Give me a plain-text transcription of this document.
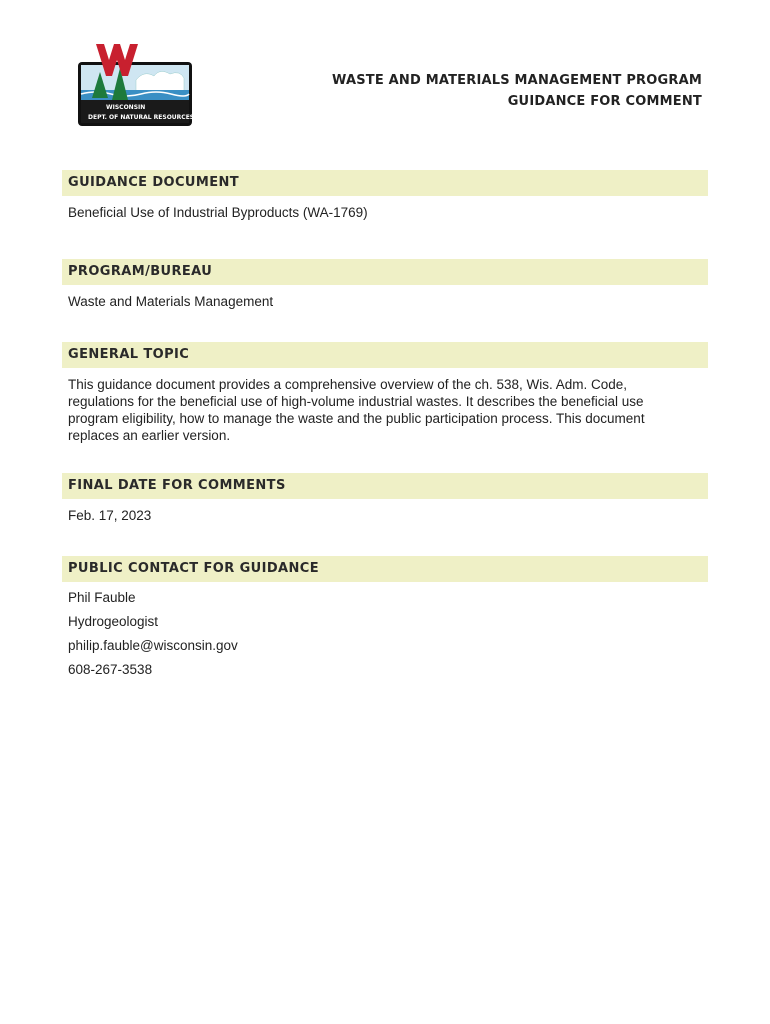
WISCONSIN
DEPT. OF NATURAL RESOURCES
WASTE AND MATERIALS MANAGEMENT PROGRAM
GUIDANCE FOR COMMENT
GUIDANCE DOCUMENT
Beneficial Use of Industrial Byproducts (WA-1769)
PROGRAM/BUREAU
Waste and Materials Management
GENERAL TOPIC
This guidance document provides a comprehensive overview of the ch. 538, Wis. Adm. Code,
regulations for the beneficial use of high-volume industrial wastes. It describes the beneficial use
program eligibility, how to manage the waste and the public participation process. This document
replaces an earlier version.
FINAL DATE FOR COMMENTS
Feb. 17, 2023
PUBLIC CONTACT FOR GUIDANCE
Phil Fauble
Hydrogeologist
philip.fauble@wisconsin.gov
608-267-3538
